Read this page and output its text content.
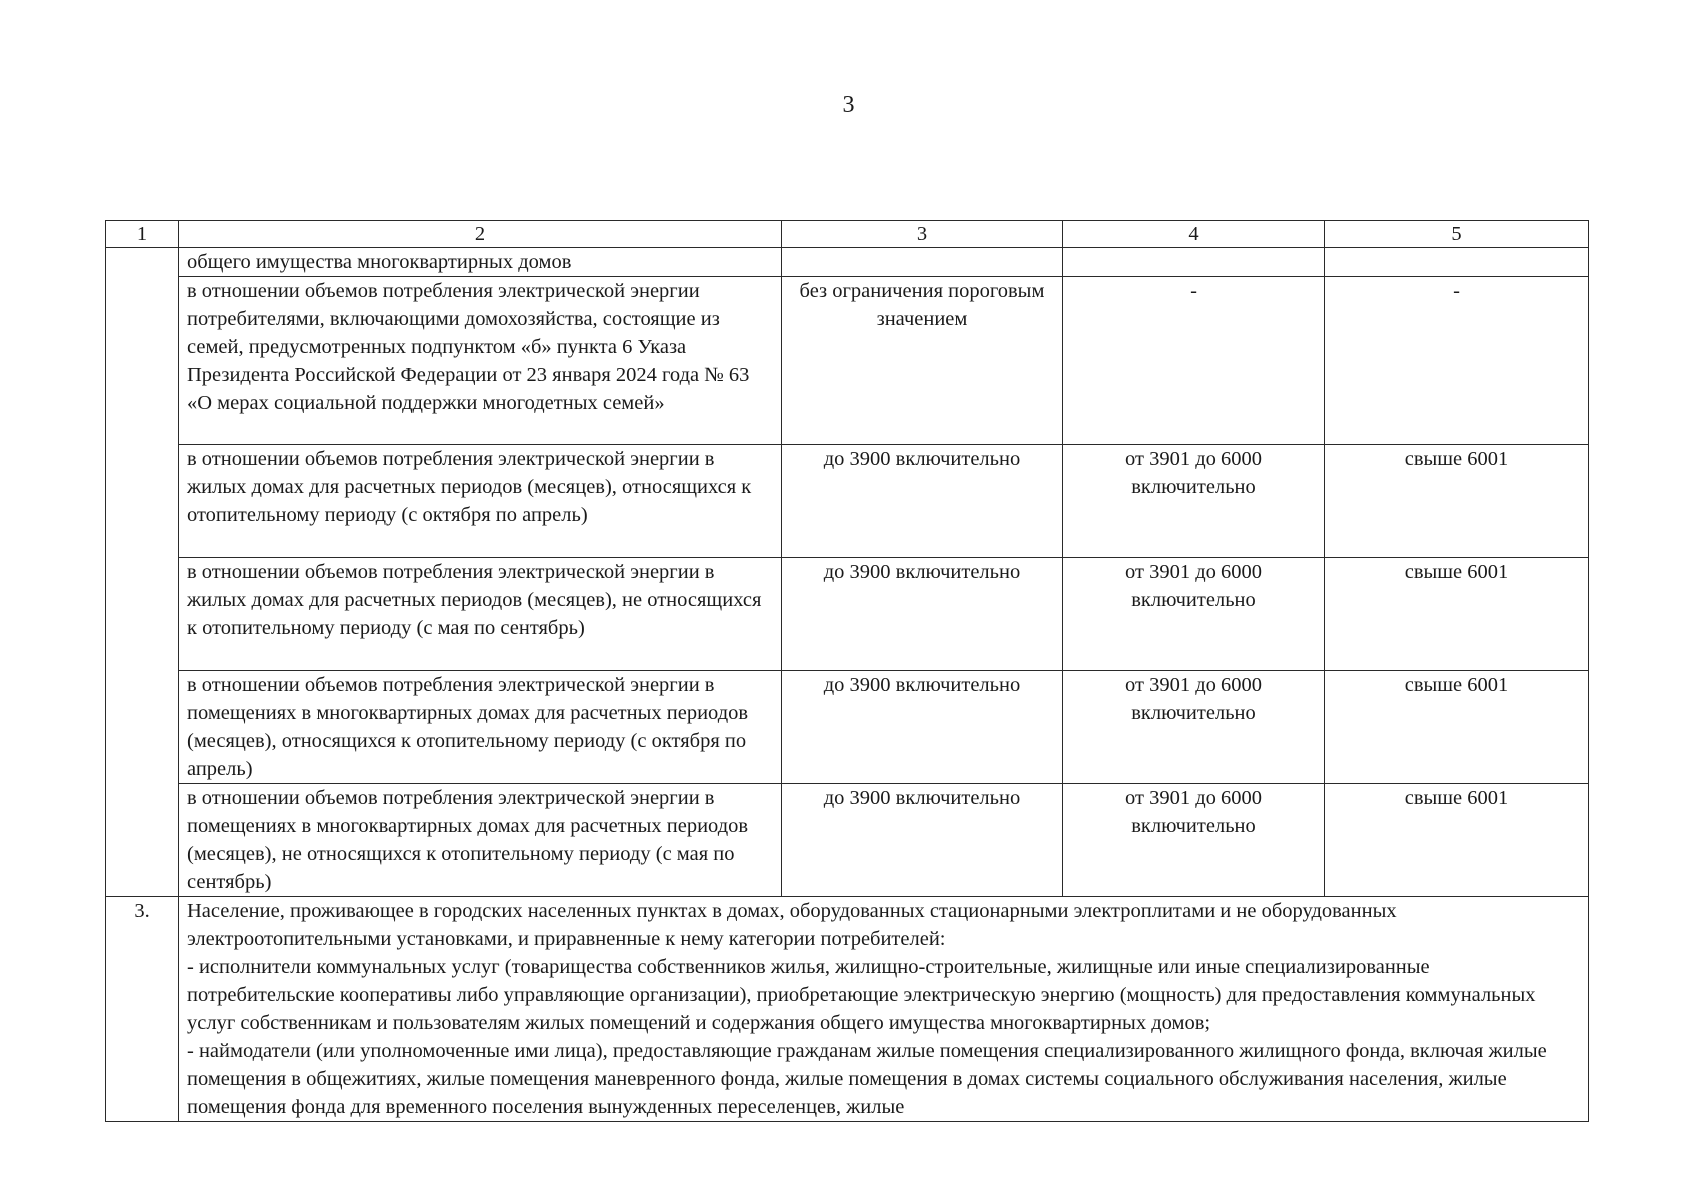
3
1	2	3	4	5
	общего имущества многоквартирных домов			
	в отношении объемов потребления электрической энергии потребителями, включающими домохозяйства, состоящие из семей, предусмотренных подпунктом «б» пункта 6 Указа Президента Российской Федерации от 23 января 2024 года № 63 «О мерах социальной поддержки многодетных семей»	без ограничения пороговым значением	-	-
	в отношении объемов потребления электрической энергии в жилых домах для расчетных периодов (месяцев), относящихся к отопительному периоду (с октября по апрель)	до 3900 включительно	от 3901 до 6000 включительно	свыше 6001
	в отношении объемов потребления электрической энергии в жилых домах для расчетных периодов (месяцев), не относящихся к отопительному периоду (с мая по сентябрь)	до 3900 включительно	от 3901 до 6000 включительно	свыше 6001
	в отношении объемов потребления электрической энергии в помещениях в многоквартирных домах для расчетных периодов (месяцев), относящихся к отопительному периоду (с октября по апрель)	до 3900 включительно	от 3901 до 6000 включительно	свыше 6001
	в отношении объемов потребления электрической энергии в помещениях в многоквартирных домах для расчетных периодов (месяцев), не относящихся к отопительному периоду (с мая по сентябрь)	до 3900 включительно	от 3901 до 6000 включительно	свыше 6001
3.	Население, проживающее в городских населенных пунктах в домах, оборудованных стационарными электроплитами и не оборудованных электроотопительными установками, и приравненные к нему категории потребителей:
- исполнители коммунальных услуг (товарищества собственников жилья, жилищно-строительные, жилищные или иные специализированные потребительские кооперативы либо управляющие организации), приобретающие электрическую энергию (мощность) для предоставления коммунальных услуг собственникам и пользователям жилых помещений и содержания общего имущества многоквартирных домов;
- наймодатели (или уполномоченные ими лица), предоставляющие гражданам жилые помещения специализированного жилищного фонда, включая жилые помещения в общежитиях, жилые помещения маневренного фонда, жилые помещения в домах системы социального обслуживания населения, жилые помещения фонда для временного поселения вынужденных переселенцев, жилые			
